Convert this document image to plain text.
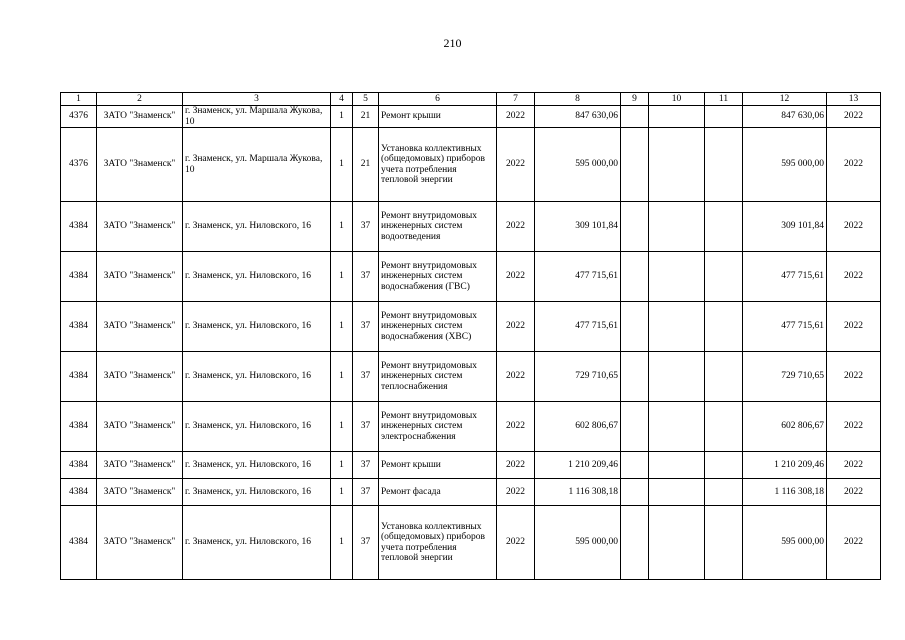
210
1	2	3	4	5	6	7	8	9	10	11	12	13
4376	ЗАТО "Знаменск"	г. Знаменск, ул. Маршала Жукова, 10	1	21	Ремонт крыши	2022	847 630,06				847 630,06	2022
4376	ЗАТО "Знаменск"	г. Знаменск, ул. Маршала Жукова, 10	1	21	Установка коллективных (общедомовых) приборов учета потребления тепловой энергии	2022	595 000,00				595 000,00	2022
4384	ЗАТО "Знаменск"	г. Знаменск, ул. Ниловского, 16	1	37	Ремонт внутридомовых инженерных систем водоотведения	2022	309 101,84				309 101,84	2022
4384	ЗАТО "Знаменск"	г. Знаменск, ул. Ниловского, 16	1	37	Ремонт внутридомовых инженерных систем водоснабжения (ГВС)	2022	477 715,61				477 715,61	2022
4384	ЗАТО "Знаменск"	г. Знаменск, ул. Ниловского, 16	1	37	Ремонт внутридомовых инженерных систем водоснабжения (ХВС)	2022	477 715,61				477 715,61	2022
4384	ЗАТО "Знаменск"	г. Знаменск, ул. Ниловского, 16	1	37	Ремонт внутридомовых инженерных систем теплоснабжения	2022	729 710,65				729 710,65	2022
4384	ЗАТО "Знаменск"	г. Знаменск, ул. Ниловского, 16	1	37	Ремонт внутридомовых инженерных систем электроснабжения	2022	602 806,67				602 806,67	2022
4384	ЗАТО "Знаменск"	г. Знаменск, ул. Ниловского, 16	1	37	Ремонт крыши	2022	1 210 209,46				1 210 209,46	2022
4384	ЗАТО "Знаменск"	г. Знаменск, ул. Ниловского, 16	1	37	Ремонт фасада	2022	1 116 308,18				1 116 308,18	2022
4384	ЗАТО "Знаменск"	г. Знаменск, ул. Ниловского, 16	1	37	Установка коллективных (общедомовых) приборов учета потребления тепловой энергии	2022	595 000,00				595 000,00	2022
